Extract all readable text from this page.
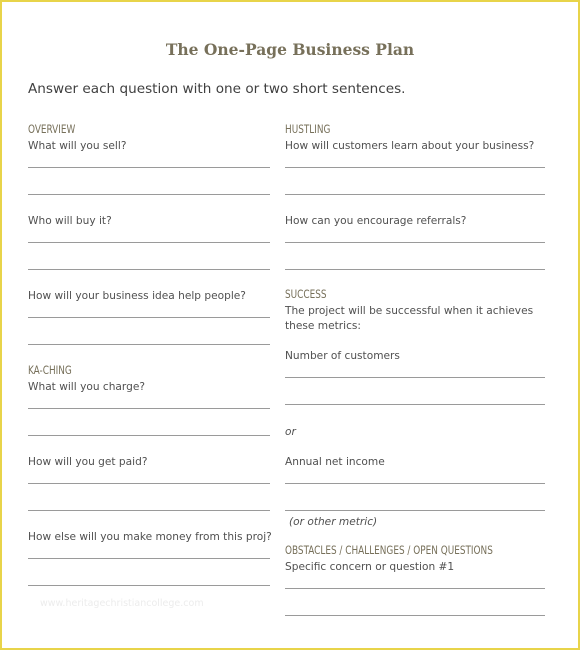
The One-Page Business Plan
Answer each question with one or two short sentences.
OVERVIEW
What will you sell?
Who will buy it?
How will your business idea help people?
KA-CHING
What will you charge?
How will you get paid?
How else will you make money from this proj?
HUSTLING
How will customers learn about your business?
How can you encourage referrals?
SUCCESS
The project will be successful when it achieves these metrics:
Number of customers
or
Annual net income
(or other metric)
OBSTACLES / CHALLENGES / OPEN QUESTIONS
Specific concern or question #1
www.heritagechristiancollege.com
